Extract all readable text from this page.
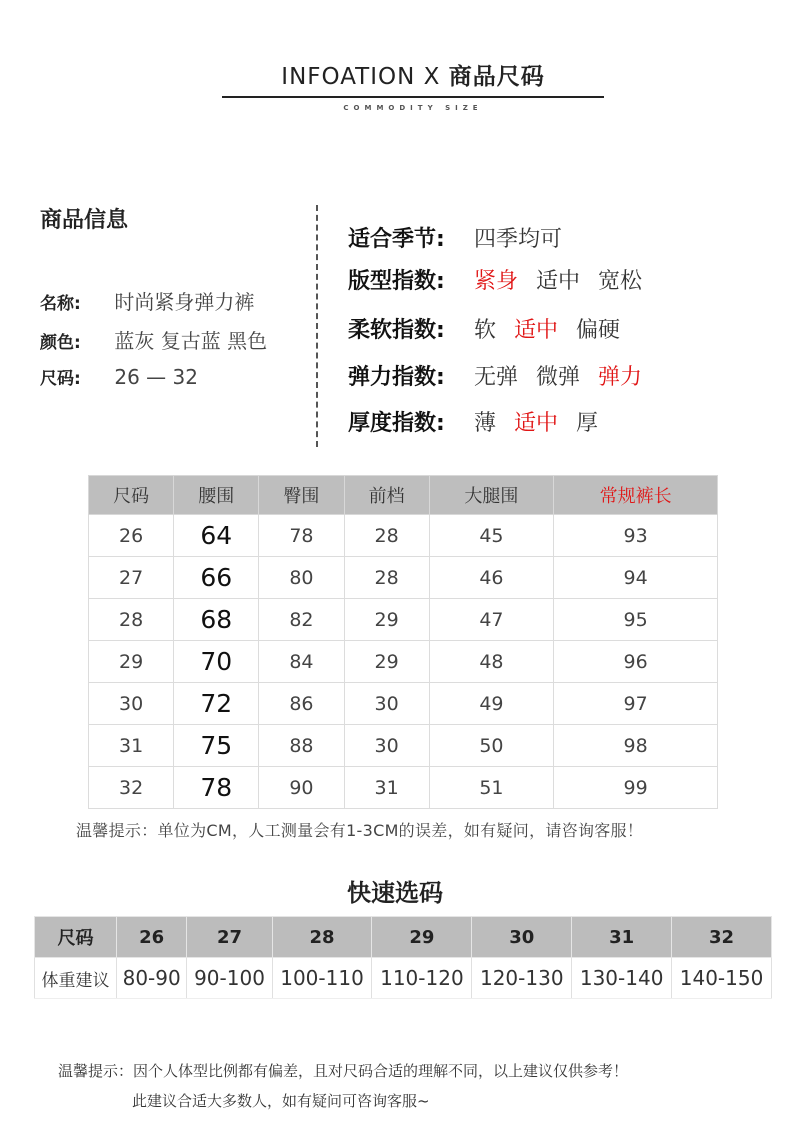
INFOATION X 商品尺码
COMMODITY SIZE
商品信息
名称: 时尚紧身弹力裤
颜色: 蓝灰 复古蓝 黑色
尺码: 26 — 32
适合季节: 四季均可
版型指数: 紧身 适中 宽松
柔软指数: 软 适中 偏硬
弹力指数: 无弹 微弹 弹力
厚度指数: 薄 适中 厚
尺码	腰围	臀围	前档	大腿围	常规裤长
26	64	78	28	45	93
27	66	80	28	46	94
28	68	82	29	47	95
29	70	84	29	48	96
30	72	86	30	49	97
31	75	88	30	50	98
32	78	90	31	51	99
温馨提示：单位为CM，人工测量会有1-3CM的误差，如有疑问，请咨询客服！
快速选码
尺码	26	27	28	29	30	31	32
体重建议	80-90	90-100	100-110	110-120	120-130	130-140	140-150
温馨提示：因个人体型比例都有偏差，且对尺码合适的理解不同，以上建议仅供参考！
此建议合适大多数人，如有疑问可咨询客服~
